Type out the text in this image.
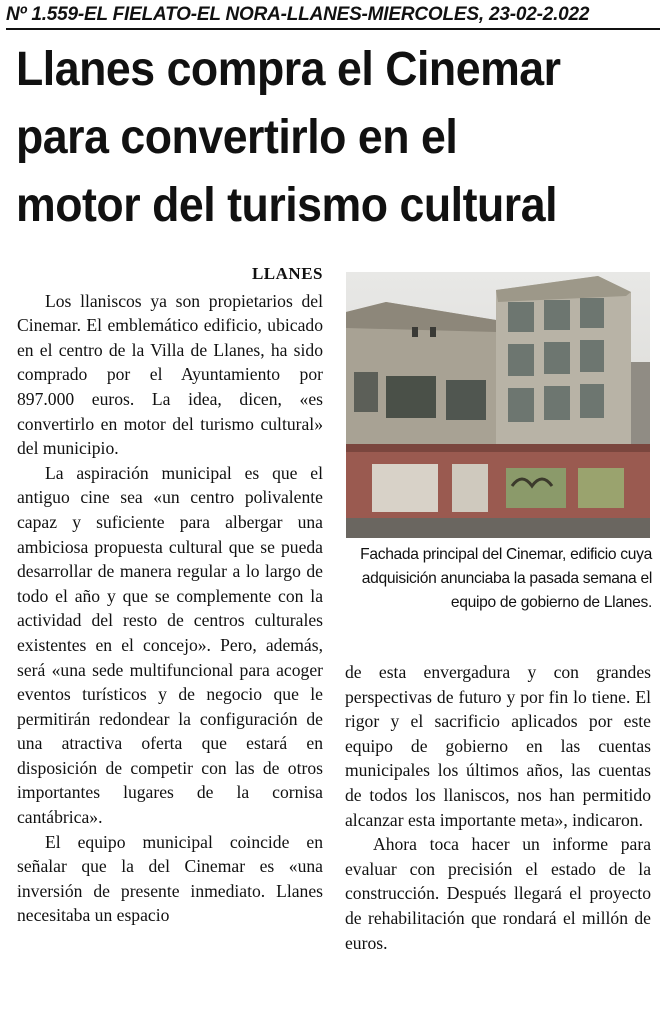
Nº 1.559-EL FIELATO-EL NORA-LLANES-MIERCOLES, 23-02-2.022
Llanes compra el Cinemar
para convertirlo en el
motor del turismo cultural
LLANES

Los llaniscos ya son propietarios del Cinemar. El emblemático edificio, ubicado en el centro de la Villa de Llanes, ha sido comprado por el Ayuntamiento por 897.000 euros. La idea, dicen, «es convertirlo en motor del turismo cultural» del municipio.

La aspiración municipal es que el antiguo cine sea «un centro polivalente capaz y suficiente para albergar una ambiciosa propuesta cultural que se pueda desarrollar de manera regular a lo largo de todo el año y que se complemente con la actividad del resto de centros culturales existentes en el concejo». Pero, además, será «una sede multifuncional para acoger eventos turísticos y de negocio que le permitirán redondear la configuración de una atractiva oferta que estará en disposición de competir con las de otros importantes lugares de la cornisa cantábrica».

El equipo municipal coincide en señalar que la del Cinemar es «una inversión de presente inmediato. Llanes necesitaba un espacio

Fachada principal del Cinemar, edificio cuya adquisición anunciaba la pasada semana el equipo de gobierno de Llanes.

de esta envergadura y con grandes perspectivas de futuro y por fin lo tiene. El rigor y el sacrificio aplicados por este equipo de gobierno en las cuentas municipales los últimos años, las cuentas de todos los llaniscos, nos han permitido alcanzar esta importante meta», indicaron.

Ahora toca hacer un informe para evaluar con precisión el estado de la construcción. Después llegará el proyecto de rehabilitación que rondará el millón de euros.
